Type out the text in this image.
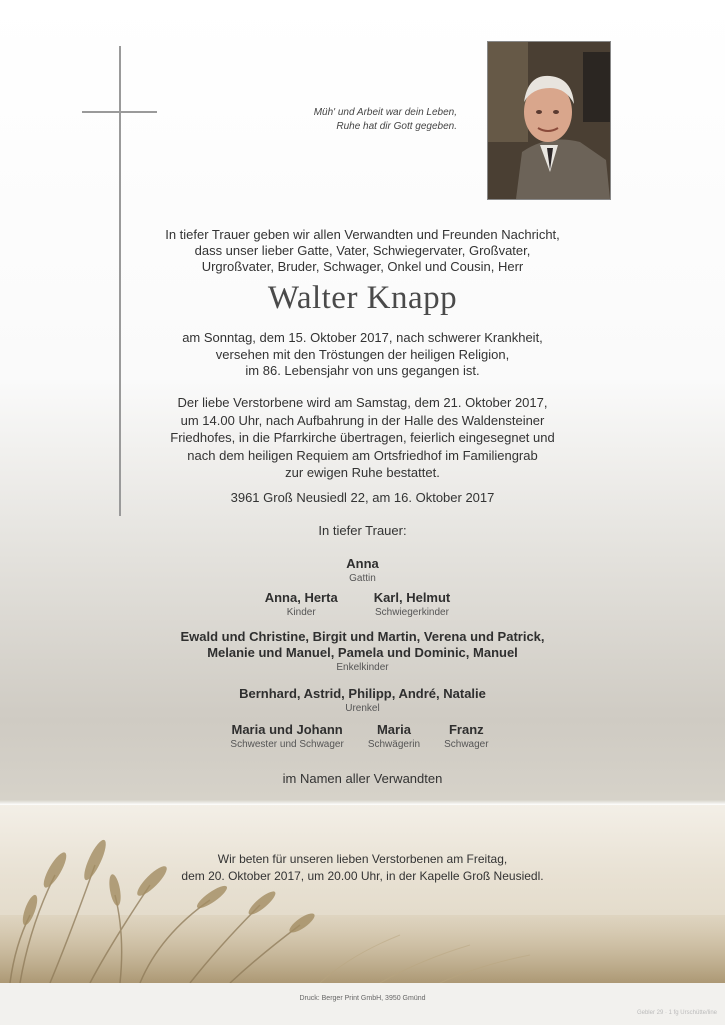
Müh' und Arbeit war dein Leben,
Ruhe hat dir Gott gegeben.
In tiefer Trauer geben wir allen Verwandten und Freunden Nachricht,
dass unser lieber Gatte, Vater, Schwiegervater, Großvater,
Urgroßvater, Bruder, Schwager, Onkel und Cousin, Herr
Walter Knapp
am Sonntag, dem 15. Oktober 2017, nach schwerer Krankheit,
versehen mit den Tröstungen der heiligen Religion,
im 86. Lebensjahr von uns gegangen ist.
Der liebe Verstorbene wird am Samstag, dem 21. Oktober 2017,
um 14.00 Uhr, nach Aufbahrung in der Halle des Waldensteiner
Friedhofes, in die Pfarrkirche übertragen, feierlich eingesegnet und
nach dem heiligen Requiem am Ortsfriedhof im Familiengrab
zur ewigen Ruhe bestattet.
3961 Groß Neusiedl 22, am 16. Oktober 2017
In tiefer Trauer:
Anna
Gattin
Anna, Herta
Kinder
Karl, Helmut
Schwiegerkinder
Ewald und Christine, Birgit und Martin, Verena und Patrick,
Melanie und Manuel, Pamela und Dominic, Manuel
Enkelkinder
Bernhard, Astrid, Philipp, André, Natalie
Urenkel
Maria und Johann
Schwester und Schwager
Maria
Schwägerin
Franz
Schwager
im Namen aller Verwandten
Wir beten für unseren lieben Verstorbenen am Freitag,
dem 20. Oktober 2017, um 20.00 Uhr, in der Kapelle Groß Neusiedl.
Druck: Berger Print GmbH, 3950 Gmünd
Gebler 29 · 1 fg Urschütte/line
